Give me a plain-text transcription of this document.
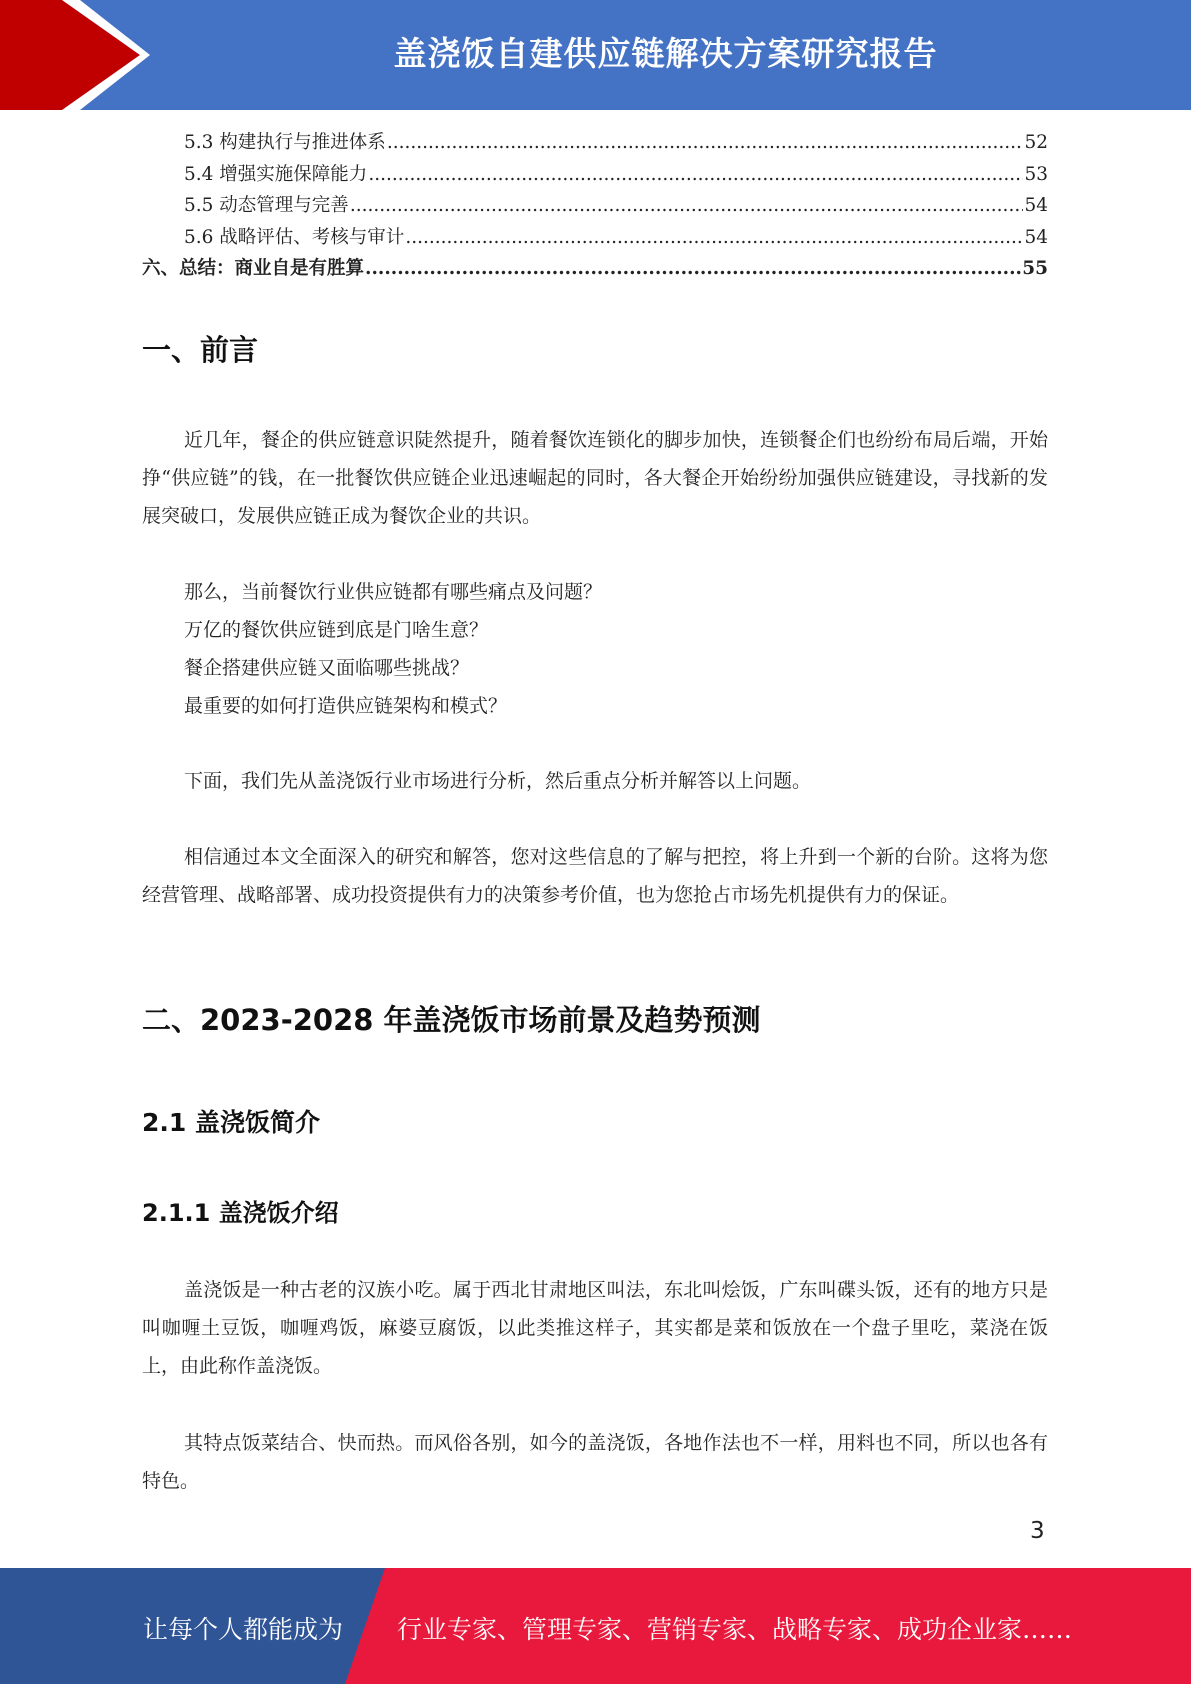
盖浇饭自建供应链解决方案研究报告
5.3 构建执行与推进体系 .....	52
5.4 增强实施保障能力 .....	53
5.5 动态管理与完善 .....	54
5.6 战略评估、考核与审计 .....	54
六、总结：商业自是有胜算 .....	55
一、前言

近几年，餐企的供应链意识陡然提升，随着餐饮连锁化的脚步加快，连锁餐企们也纷纷布局后端，开始挣“供应链”的钱，在一批餐饮供应链企业迅速崛起的同时，各大餐企开始纷纷加强供应链建设，寻找新的发展突破口，发展供应链正成为餐饮企业的共识。

那么，当前餐饮行业供应链都有哪些痛点及问题？
万亿的餐饮供应链到底是门啥生意？
餐企搭建供应链又面临哪些挑战？
最重要的如何打造供应链架构和模式？

下面，我们先从盖浇饭行业市场进行分析，然后重点分析并解答以上问题。

相信通过本文全面深入的研究和解答，您对这些信息的了解与把控，将上升到一个新的台阶。这将为您经营管理、战略部署、成功投资提供有力的决策参考价值，也为您抢占市场先机提供有力的保证。

二、2023-2028 年盖浇饭市场前景及趋势预测
2.1 盖浇饭简介
2.1.1 盖浇饭介绍

盖浇饭是一种古老的汉族小吃。属于西北甘肃地区叫法，东北叫烩饭，广东叫碟头饭，还有的地方只是叫咖喱土豆饭，咖喱鸡饭，麻婆豆腐饭，以此类推这样子，其实都是菜和饭放在一个盘子里吃，菜浇在饭上，由此称作盖浇饭。

其特点饭菜结合、快而热。而风俗各别，如今的盖浇饭，各地作法也不一样，用料也不同，所以也各有特色。

3
让每个人都能成为 行业专家、管理专家、营销专家、战略专家、成功企业家……
